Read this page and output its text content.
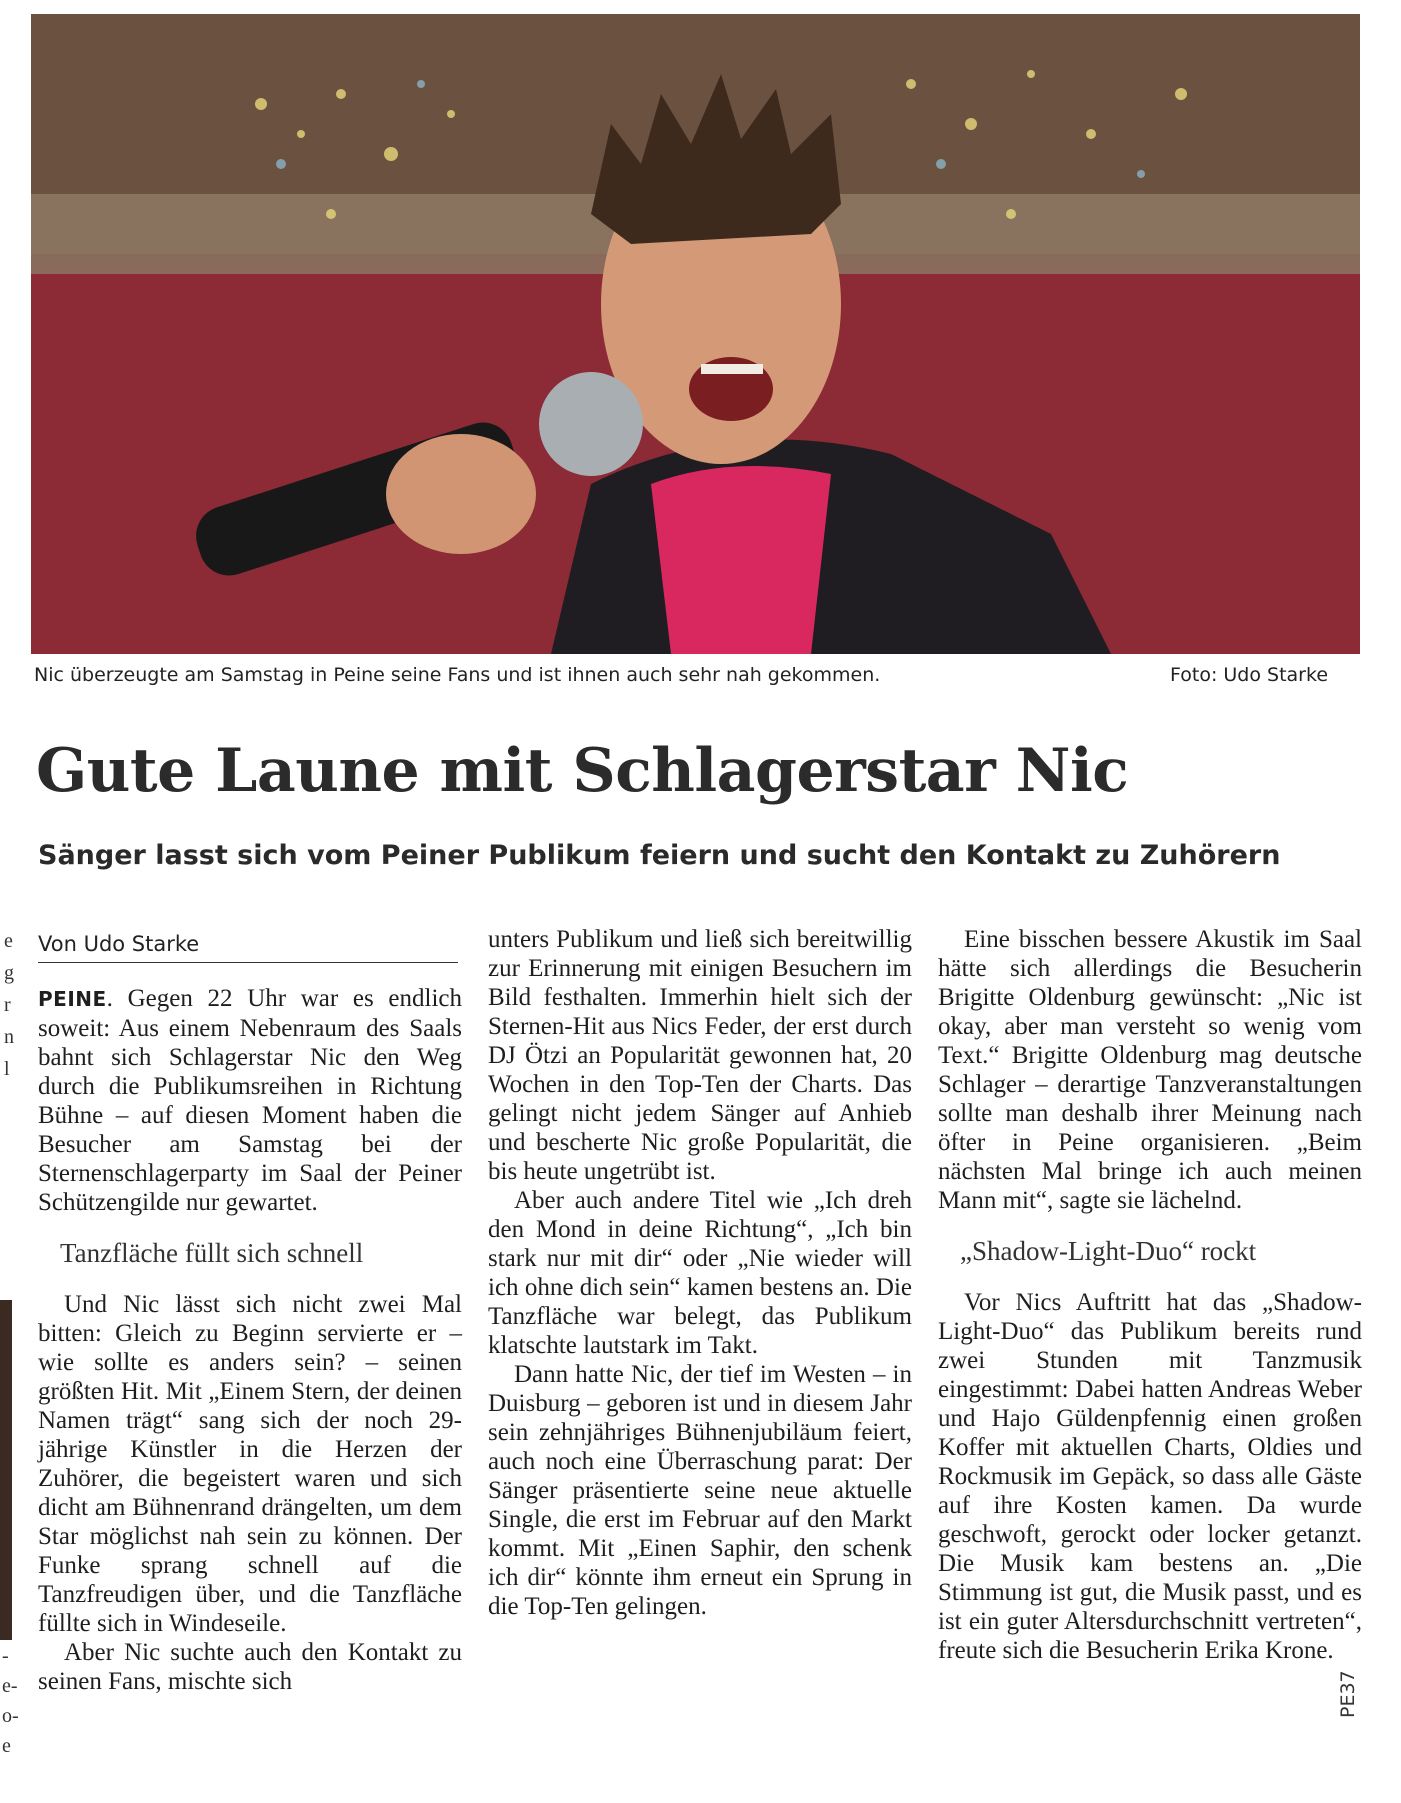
Nic überzeugte am Samstag in Peine seine Fans und ist ihnen auch sehr nah gekommen.	Foto: Udo Starke
Gute Laune mit Schlagerstar Nic
Sänger lasst sich vom Peiner Publikum feiern und sucht den Kontakt zu Zuhörern
Von Udo Starke

PEINE. Gegen 22 Uhr war es endlich soweit: Aus einem Nebenraum des Saals bahnt sich Schlagerstar Nic den Weg durch die Publikumsreihen in Richtung Bühne – auf diesen Moment haben die Besucher am Samstag bei der Sternenschlagerparty im Saal der Peiner Schützengilde nur gewartet.

Tanzfläche füllt sich schnell

Und Nic lässt sich nicht zwei Mal bitten: Gleich zu Beginn servierte er – wie sollte es anders sein? – seinen größten Hit. Mit „Einem Stern, der deinen Namen trägt“ sang sich der noch 29-jährige Künstler in die Herzen der Zuhörer, die begeistert waren und sich dicht am Bühnenrand drängelten, um dem Star möglichst nah sein zu können. Der Funke sprang schnell auf die Tanzfreudigen über, und die Tanzfläche füllte sich in Windeseile.

Aber Nic suchte auch den Kontakt zu seinen Fans, mischte sich

unters Publikum und ließ sich bereitwillig zur Erinnerung mit einigen Besuchern im Bild festhalten. Immerhin hielt sich der Sternen-Hit aus Nics Feder, der erst durch DJ Ötzi an Popularität gewonnen hat, 20 Wochen in den Top-Ten der Charts. Das gelingt nicht jedem Sänger auf Anhieb und bescherte Nic große Popularität, die bis heute ungetrübt ist.

Aber auch andere Titel wie „Ich dreh den Mond in deine Richtung“, „Ich bin stark nur mit dir“ oder „Nie wieder will ich ohne dich sein“ kamen bestens an. Die Tanzfläche war belegt, das Publikum klatschte lautstark im Takt.

Dann hatte Nic, der tief im Westen – in Duisburg – geboren ist und in diesem Jahr sein zehnjähriges Bühnenjubiläum feiert, auch noch eine Überraschung parat: Der Sänger präsentierte seine neue aktuelle Single, die erst im Februar auf den Markt kommt. Mit „Einen Saphir, den schenk ich dir“ könnte ihm erneut ein Sprung in die Top-Ten gelingen.

Eine bisschen bessere Akustik im Saal hätte sich allerdings die Besucherin Brigitte Oldenburg gewünscht: „Nic ist okay, aber man versteht so wenig vom Text.“ Brigitte Oldenburg mag deutsche Schlager – derartige Tanzveranstaltungen sollte man deshalb ihrer Meinung nach öfter in Peine organisieren. „Beim nächsten Mal bringe ich auch meinen Mann mit“, sagte sie lächelnd.

„Shadow-Light-Duo“ rockt

Vor Nics Auftritt hat das „Shadow-Light-Duo“ das Publikum bereits rund zwei Stunden mit Tanzmusik eingestimmt: Dabei hatten Andreas Weber und Hajo Güldenpfennig einen großen Koffer mit aktuellen Charts, Oldies und Rockmusik im Gepäck, so dass alle Gäste auf ihre Kosten kamen. Da wurde geschwoft, gerockt oder locker getanzt. Die Musik kam bestens an. „Die Stimmung ist gut, die Musik passt, und es ist ein guter Altersdurchschnitt vertreten“, freute sich die Besucherin Erika Krone.

e
g
r
n
l
-
e-
o-
e
PE37
